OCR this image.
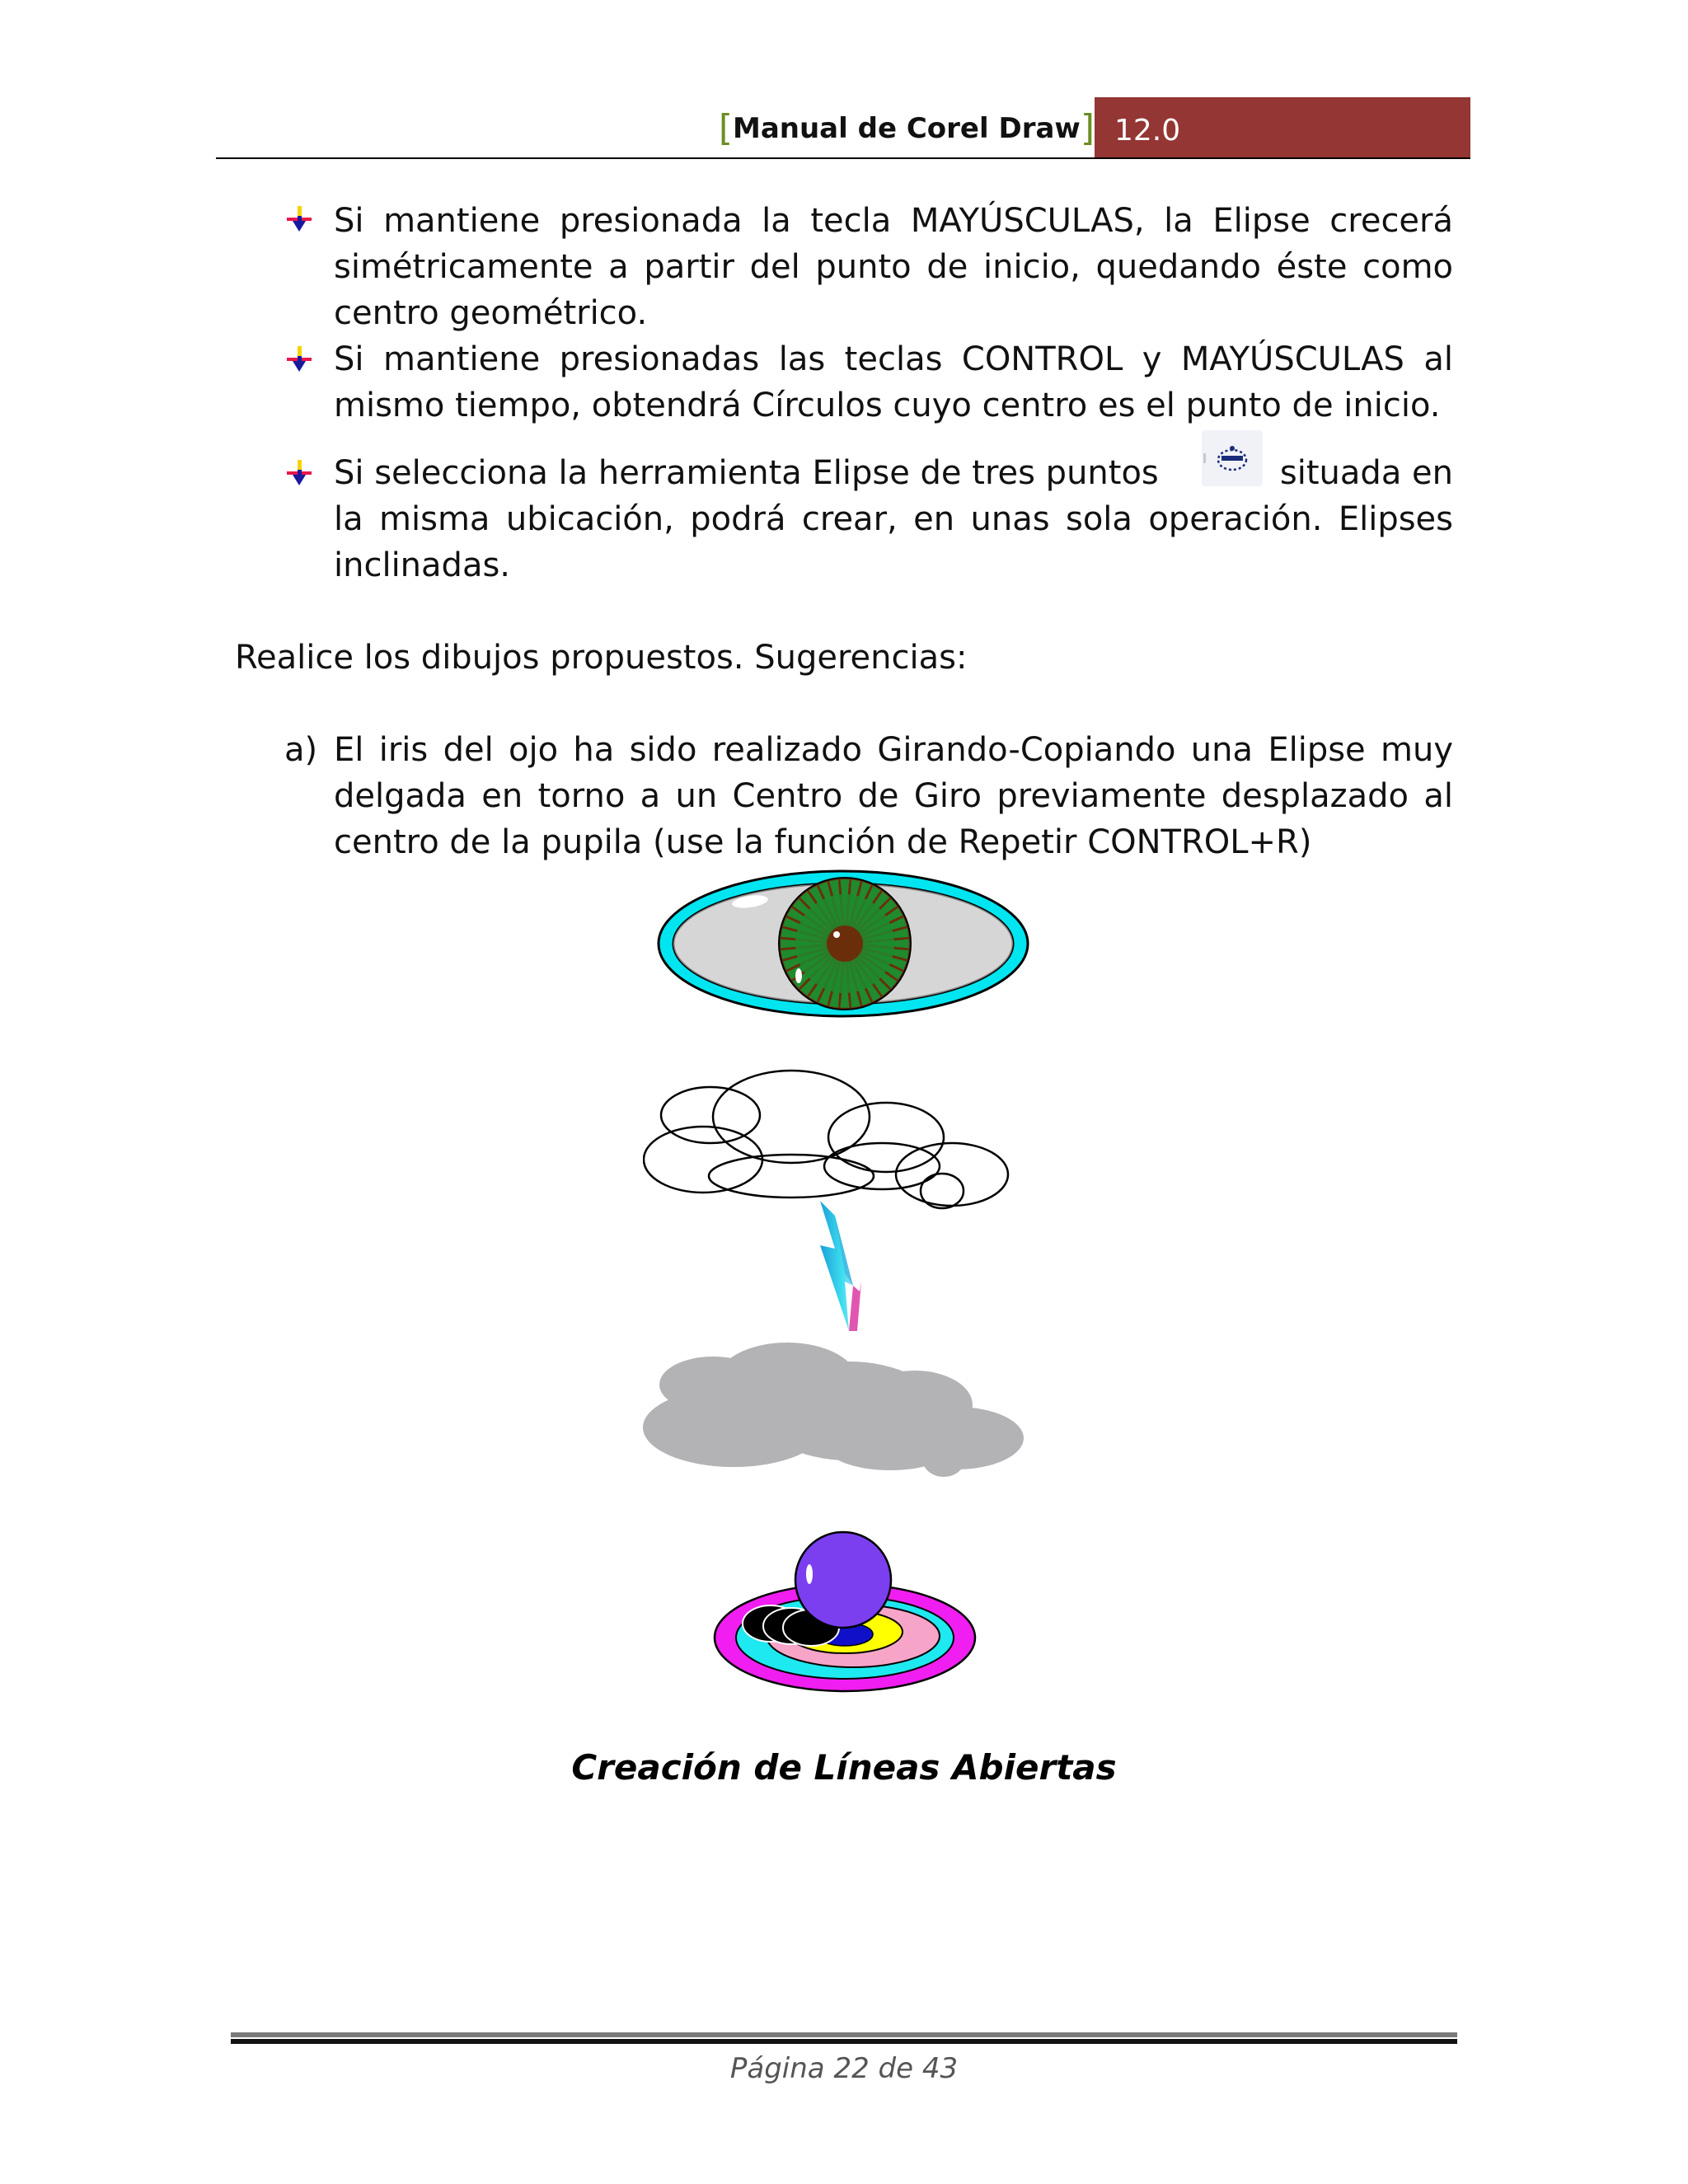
[Manual de Corel Draw] 12.0
Si mantiene presionada la tecla MAYÚSCULAS, la Elipse crecerá simétricamente a partir del punto de inicio, quedando éste como centro geométrico.
Si mantiene presionadas las teclas CONTROL y MAYÚSCULAS al mismo tiempo, obtendrá Círculos cuyo centro es el punto de inicio.
Si selecciona la herramienta Elipse de tres puntos	situada en
la misma ubicación, podrá crear, en unas sola operación. Elipses
inclinadas.
Realice los dibujos propuestos. Sugerencias:
a) El iris del ojo ha sido realizado Girando-Copiando una Elipse muy delgada en torno a un Centro de Giro previamente desplazado al centro de la pupila (use la función de Repetir CONTROL+R)
Creación de Líneas Abiertas
Página 22 de 43
